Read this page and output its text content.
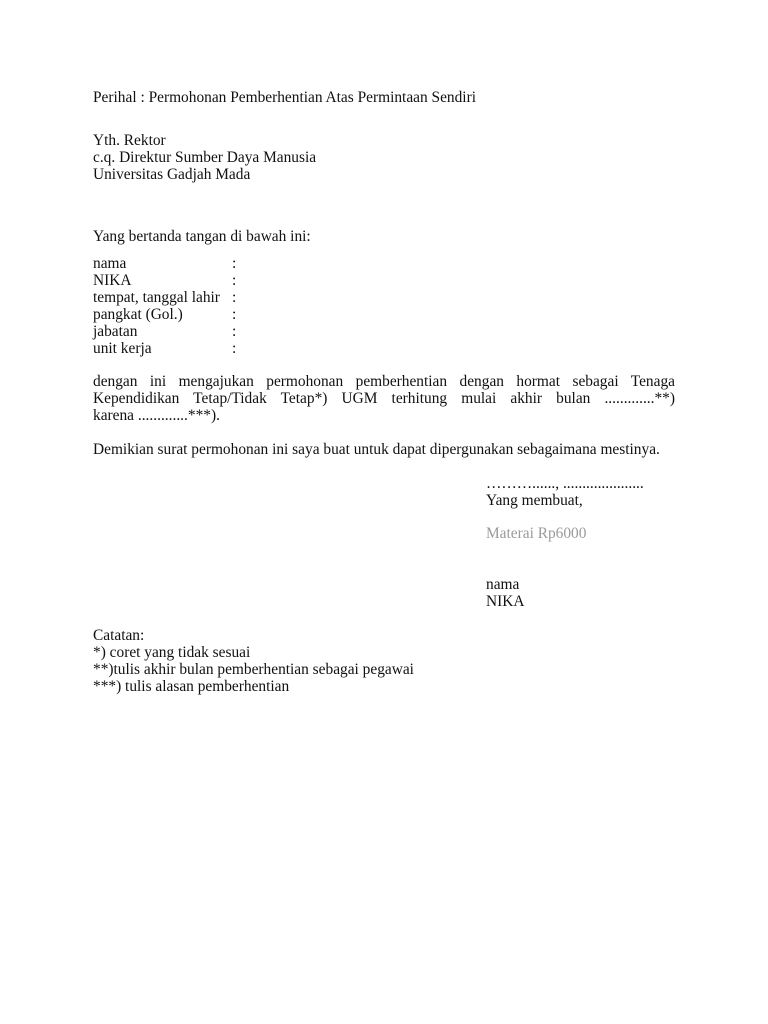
Perihal : Permohonan Pemberhentian Atas Permintaan Sendiri
Yth. Rektor
c.q. Direktur Sumber Daya Manusia
Universitas Gadjah Mada
Yang bertanda tangan di bawah ini:
nama	:
NIKA	:
tempat, tanggal lahir :
pangkat (Gol.)	:
jabatan	:
unit kerja	:
dengan ini mengajukan permohonan pemberhentian dengan hormat sebagai Tenaga
Kependidikan Tetap/Tidak Tetap*) UGM terhitung mulai akhir bulan .............**)
karena .............***).
Demikian surat permohonan ini saya buat untuk dapat dipergunakan sebagaimana mestinya.
………......, .....................
Yang membuat,
Materai Rp6000
nama
NIKA
Catatan:
*) coret yang tidak sesuai
**)tulis akhir bulan pemberhentian sebagai pegawai
***) tulis alasan pemberhentian
